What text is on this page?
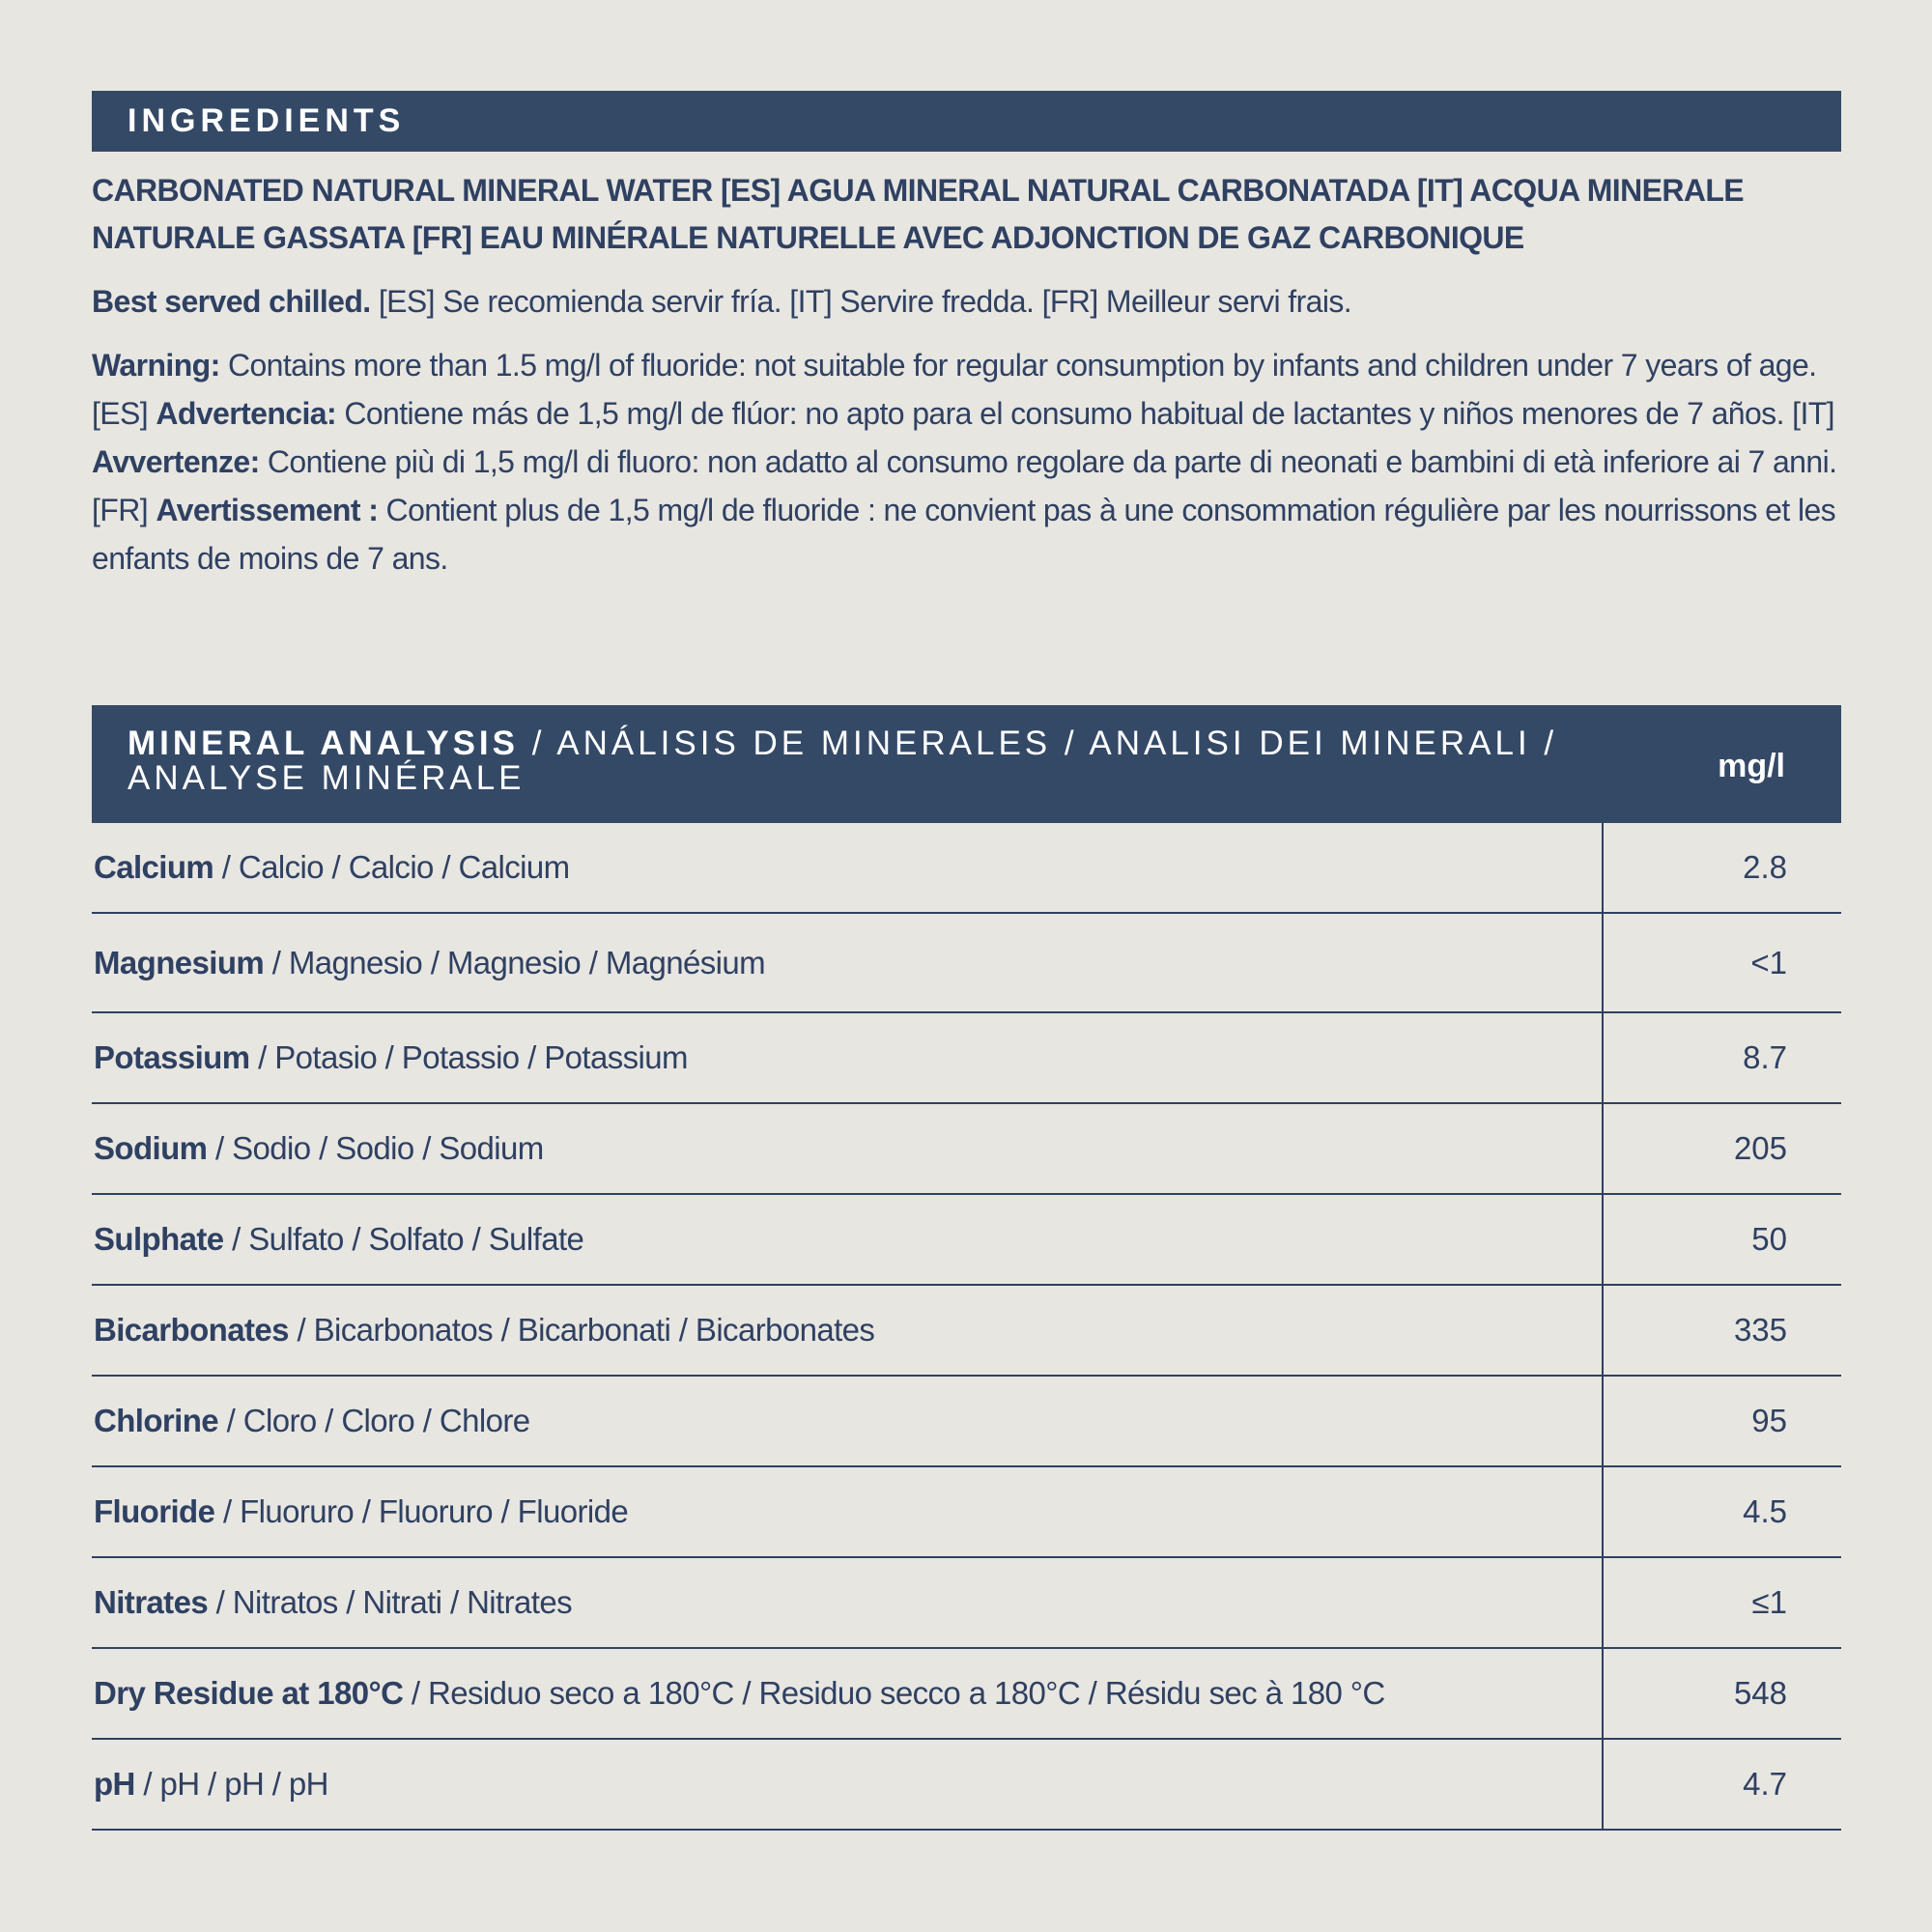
INGREDIENTS
CARBONATED NATURAL MINERAL WATER [ES] AGUA MINERAL NATURAL CARBONATADA [IT] ACQUA MINERALE NATURALE GASSATA [FR] EAU MINÉRALE NATURELLE AVEC ADJONCTION DE GAZ CARBONIQUE
Best served chilled. [ES] Se recomienda servir fría. [IT] Servire fredda. [FR] Meilleur servi frais.
Warning: Contains more than 1.5 mg/l of fluoride: not suitable for regular consumption by infants and children under 7 years of age. [ES] Advertencia: Contiene más de 1,5 mg/l de flúor: no apto para el consumo habitual de lactantes y niños menores de 7 años. [IT] Avvertenze: Contiene più di 1,5 mg/l di fluoro: non adatto al consumo regolare da parte di neonati e bambini di età inferiore ai 7 anni. [FR] Avertissement : Contient plus de 1,5 mg/l de fluoride : ne convient pas à une consommation régulière par les nourrissons et les enfants de moins de 7 ans.
MINERAL ANALYSIS / ANÁLISIS DE MINERALES / ANALISI DEI MINERALI / ANALYSE MINÉRALE	mg/l
Calcium / Calcio / Calcio / Calcium	2.8
Magnesium / Magnesio / Magnesio / Magnésium	<1
Potassium / Potasio / Potassio / Potassium	8.7
Sodium / Sodio / Sodio / Sodium	205
Sulphate / Sulfato / Solfato / Sulfate	50
Bicarbonates / Bicarbonatos / Bicarbonati / Bicarbonates	335
Chlorine / Cloro / Cloro / Chlore	95
Fluoride / Fluoruro / Fluoruro / Fluoride	4.5
Nitrates / Nitratos / Nitrati / Nitrates	≤1
Dry Residue at 180°C / Residuo seco a 180°C / Residuo secco a 180°C / Résidu sec à 180 °C	548
pH / pH / pH / pH	4.7
